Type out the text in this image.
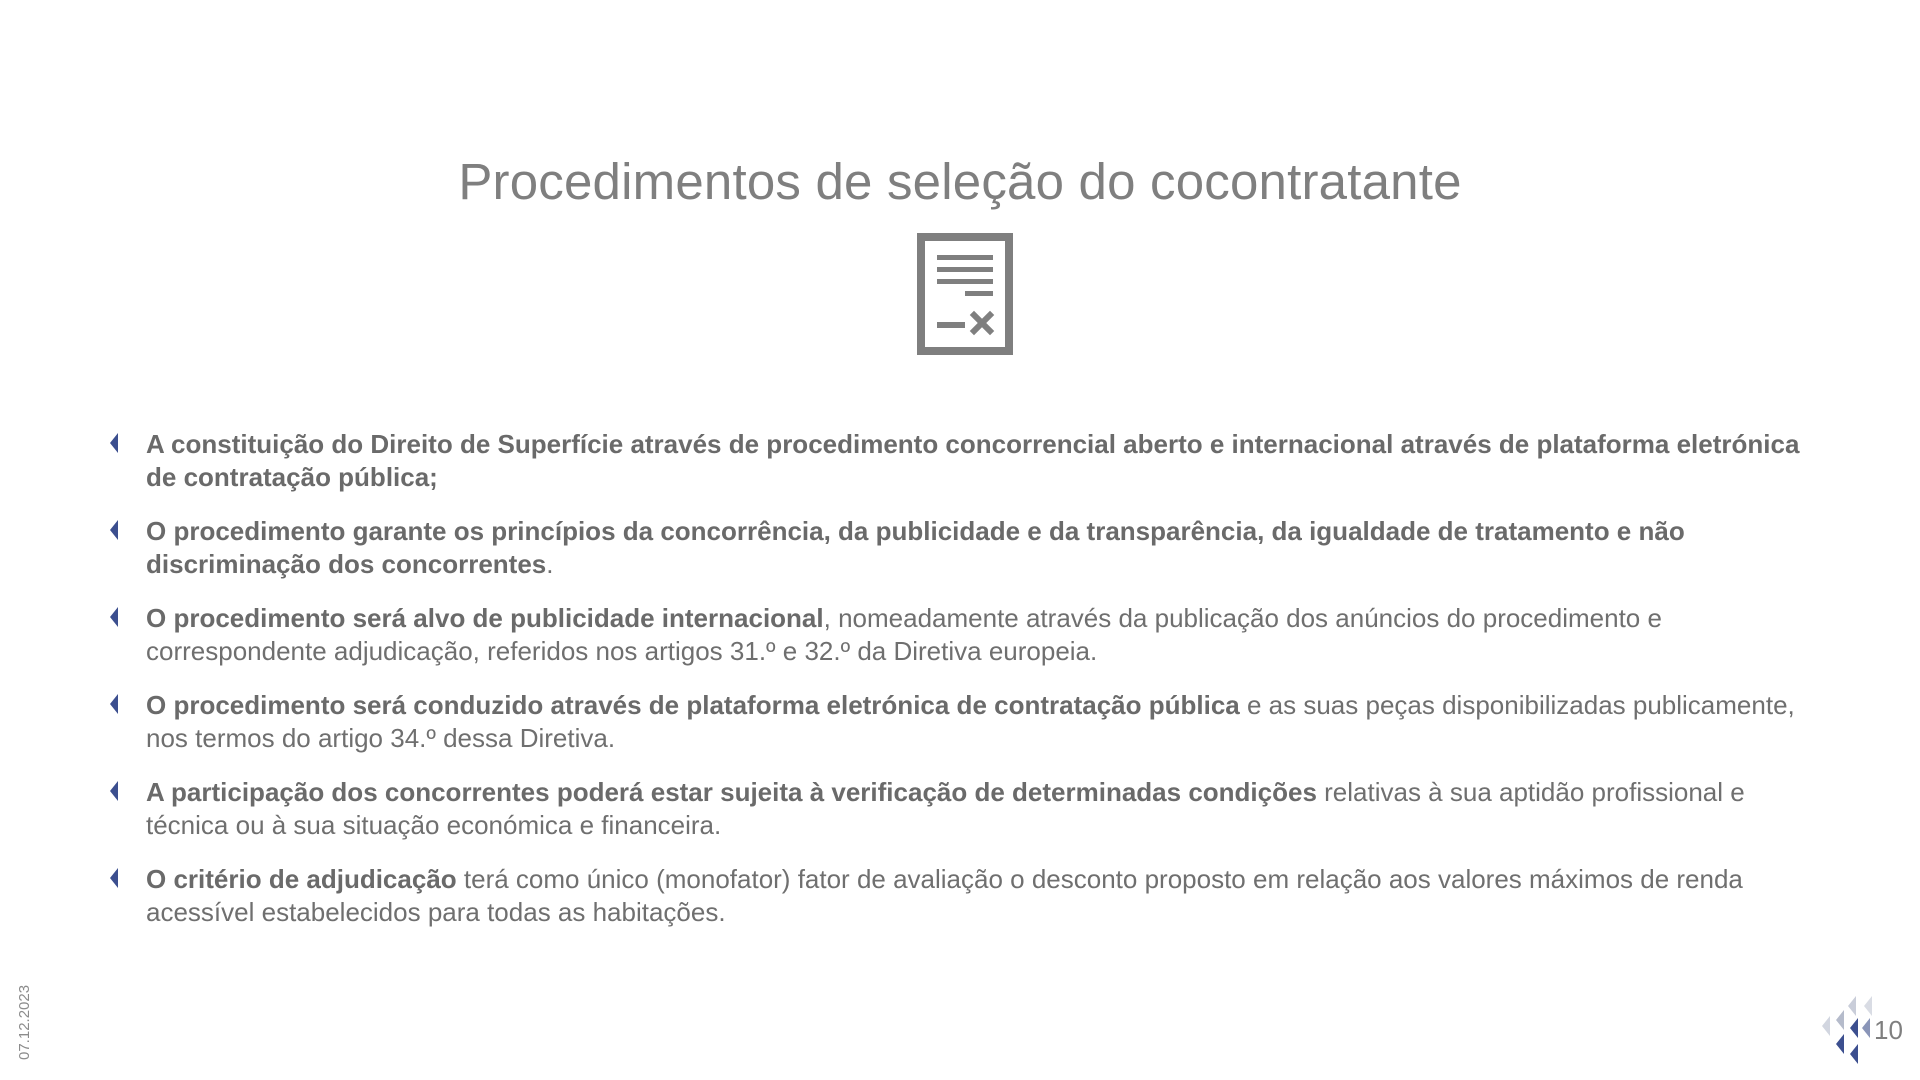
Procedimentos de seleção do cocontratante
A constituição do Direito de Superfície através de procedimento concorrencial aberto e internacional através de plataforma eletrónica de contratação pública;
O procedimento garante os princípios da concorrência, da publicidade e da transparência, da igualdade de tratamento e não discriminação dos concorrentes.
O procedimento será alvo de publicidade internacional, nomeadamente através da publicação dos anúncios do procedimento e correspondente adjudicação, referidos nos artigos 31.º e 32.º da Diretiva europeia.
O procedimento será conduzido através de plataforma eletrónica de contratação pública e as suas peças disponibilizadas publicamente, nos termos do artigo 34.º dessa Diretiva.
A participação dos concorrentes poderá estar sujeita à verificação de determinadas condições relativas à sua aptidão profissional e técnica ou à sua situação económica e financeira.
O critério de adjudicação terá como único (monofator) fator de avaliação o desconto proposto em relação aos valores máximos de renda acessível estabelecidos para todas as habitações.
07.12.2023	10
